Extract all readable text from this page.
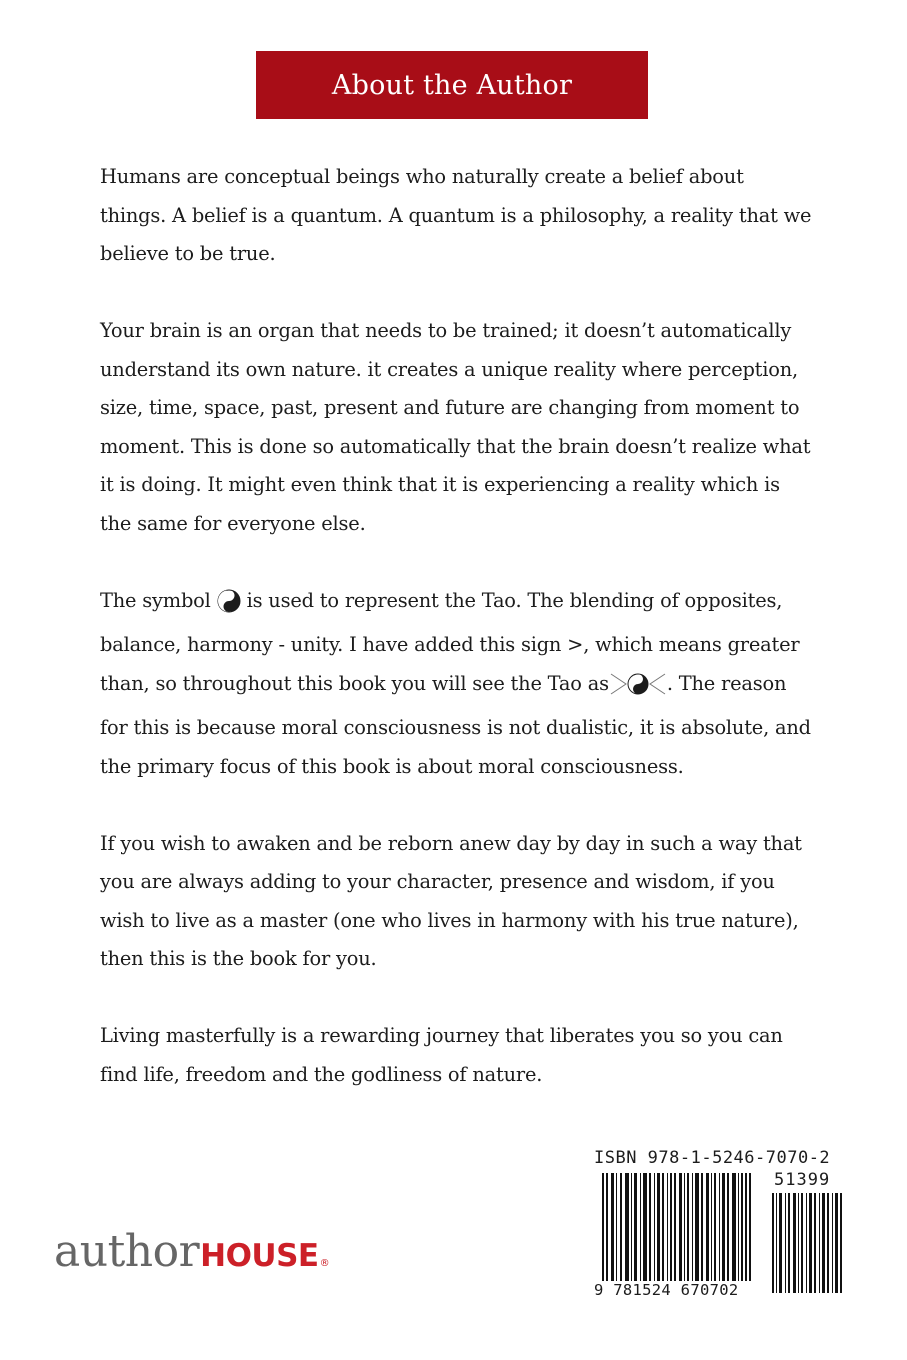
About the Author

Humans are conceptual beings who naturally create a belief about things. A belief is a quantum. A quantum is a philosophy, a reality that we believe to be true.

Your brain is an organ that needs to be trained; it doesn’t automatically understand its own nature. it creates a unique reality where perception, size, time, space, past, present and future are changing from moment to moment. This is done so automatically that the brain doesn’t realize what it is doing. It might even think that it is experiencing a reality which is the same for everyone else.

The symbol is used to represent the Tao. The blending of opposites, balance, harmony - unity. I have added this sign >, which means greater than, so throughout this book you will see the Tao as	. The reason for this is because moral consciousness is not dualistic, it is absolute, and the primary focus of this book is about moral consciousness.

If you wish to awaken and be reborn anew day by day in such a way that you are always adding to your character, presence and wisdom, if you wish to live as a master (one who lives in harmony with his true nature), then this is the book for you.

Living masterfully is a rewarding journey that liberates you so you can find life, freedom and the godliness of nature.

ISBN 978-1-5246-7070-2
51399
9 781524 670702
author HOUSE ®
